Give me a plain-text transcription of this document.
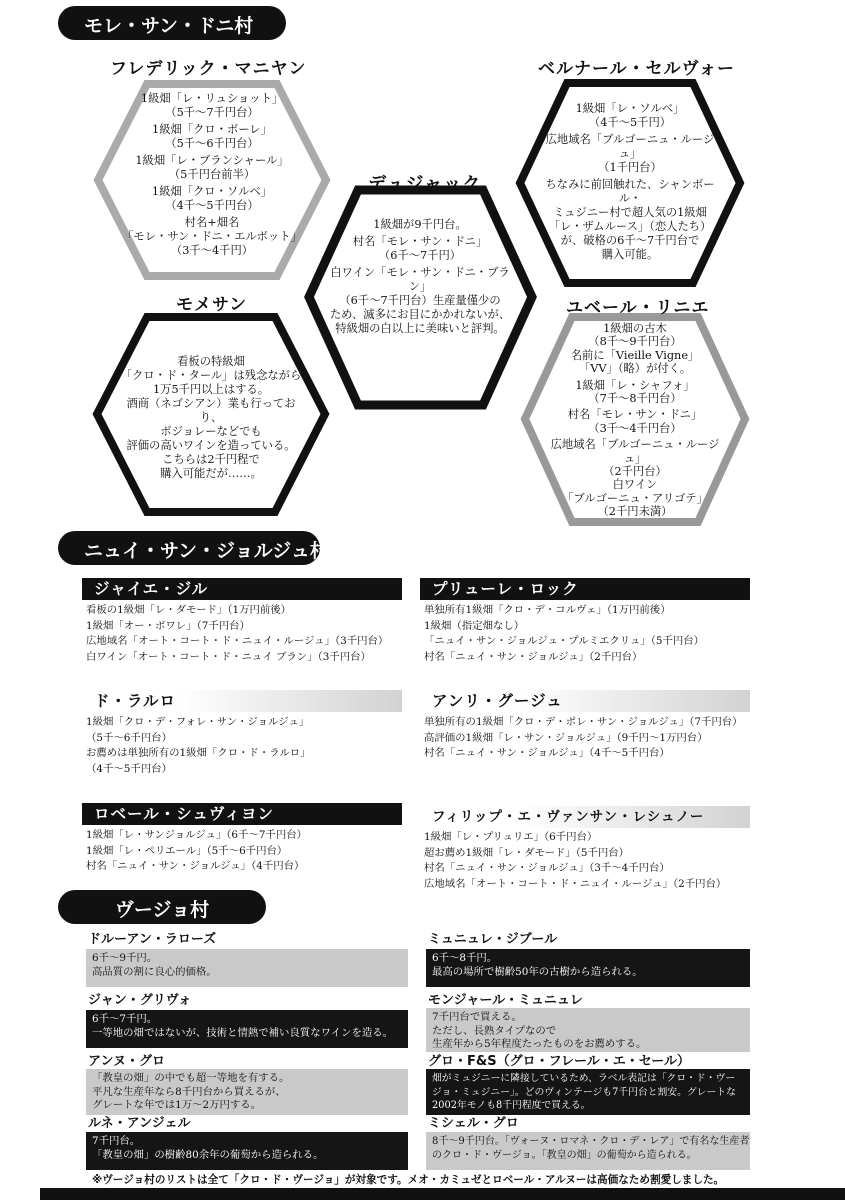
モレ・サン・ドニ村
フレデリック・マニヤン

1級畑「レ・リュショット」
（5千〜7千円台）

1級畑「クロ・ボーレ」
（5千〜6千円台）

1級畑「レ・ブランシャール」
（5千円台前半）

1級畑「クロ・ソルベ」
（4千〜5千円台）

村名+畑名
「モレ・サン・ドニ・エルボット」
（3千〜4千円）

デュジャック

1級畑が9千円台。

村名「モレ・サン・ドニ」
（6千〜7千円）

白ワイン「モレ・サン・ドニ・ブラン」
（6千〜7千円台）生産量僅少の
ため、滅多にお目にかかれないが、
特級畑の白以上に美味いと評判。

ベルナール・セルヴォー

1級畑「レ・ソルベ」
（4千〜5千円）

広地域名「ブルゴーニュ・ルージュ」
（1千円台）

ちなみに前回触れた、シャンボール・
ミュジニー村で超人気の1級畑
「レ・ザムルース」（恋人たち）
が、破格の6千〜7千円台で
購入可能。

モメサン

看板の特級畑
「クロ・ド・タール」は残念ながら
1万5千円以上はする。
酒商（ネゴシアン）業も行っており、
ボジョレーなどでも
評価の高いワインを造っている。
こちらは2千円程で
購入可能だが……。

ユベール・リニエ

1級畑の古木
（8千〜9千円台）
名前に「Vieille Vigne」
「VV」（略）が付く。

1級畑「レ・シャフォ」
（7千〜8千円台）

村名「モレ・サン・ドニ」
（3千〜4千円台）

広地域名「ブルゴーニュ・ルージュ」
（2千円台）
白ワイン
「ブルゴーニュ・アリゴテ」
（2千円未満）

ニュイ・サン・ジョルジュ村
ジャイエ・ジル
看板の1級畑「レ・ダモード」（1万円前後）
1級畑「オー・ボワレ」（7千円台）
広地域名「オート・コート・ド・ニュイ・ルージュ」（3千円台）
白ワイン「オート・コート・ド・ニュイ ブラン」（3千円台）
プリューレ・ロック
単独所有1級畑「クロ・デ・コルヴェ」（1万円前後）
1級畑（指定畑なし）
「ニュイ・サン・ジョルジュ・プルミエクリュ」（5千円台）
村名「ニュイ・サン・ジョルジュ」（2千円台）
ド・ラルロ
1級畑「クロ・デ・フォレ・サン・ジョルジュ」
（5千〜6千円台）
お薦めは単独所有の1級畑「クロ・ド・ラルロ」
（4千〜5千円台）
アンリ・グージュ
単独所有の1級畑「クロ・デ・ポレ・サン・ジョルジュ」（7千円台）
高評価の1級畑「レ・サン・ジョルジュ」（9千円〜1万円台）
村名「ニュイ・サン・ジョルジュ」（4千〜5千円台）
ロベール・シュヴィヨン
1級畑「レ・サンジョルジュ」（6千〜7千円台）
1級畑「レ・ペリエール」（5千〜6千円台）
村名「ニュイ・サン・ジョルジュ」（4千円台）
フィリップ・エ・ヴァンサン・レシュノー
1級畑「レ・プリュリエ」（6千円台）
超お薦め1級畑「レ・ダモード」（5千円台）
村名「ニュイ・サン・ジョルジュ」（3千〜4千円台）
広地域名「オート・コート・ド・ニュイ・ルージュ」（2千円台）
ヴージョ村
ドルーアン・ラローズ
6千〜9千円。
高品質の割に良心的価格。
ジャン・グリヴォ
6千〜7千円。
一等地の畑ではないが、技術と情熱で補い良質なワインを造る。
アンヌ・グロ
「教皇の畑」の中でも超一等地を有する。
平凡な生産年なら8千円台から買えるが、
グレートな年では1万〜2万円する。
ルネ・アンジェル
7千円台。
「教皇の畑」の樹齢80余年の葡萄から造られる。
ミュニュレ・ジブール
6千〜8千円。
最高の場所で樹齢50年の古樹から造られる。
モンジャール・ミュニュレ
7千円台で買える。
ただし、長熟タイプなので
生産年から5年程度たったものをお薦めする。
グロ・F&S（グロ・フレール・エ・セール）
畑がミュジニーに隣接しているため、ラベル表記は「クロ・ド・ヴー
ジョ・ミュジニー」。どのヴィンテージも7千円台と割安。グレートな
2002年モノも8千円程度で買える。
ミシェル・グロ
8千〜9千円台。「ヴォーヌ・ロマネ・クロ・デ・レア」で有名な生産者
のクロ・ド・ヴージョ。「教皇の畑」の葡萄から造られる。
※ヴージョ村のリストは全て「クロ・ド・ヴージョ」が対象です。メオ・カミュゼとロベール・アルヌーは高価なため割愛しました。
